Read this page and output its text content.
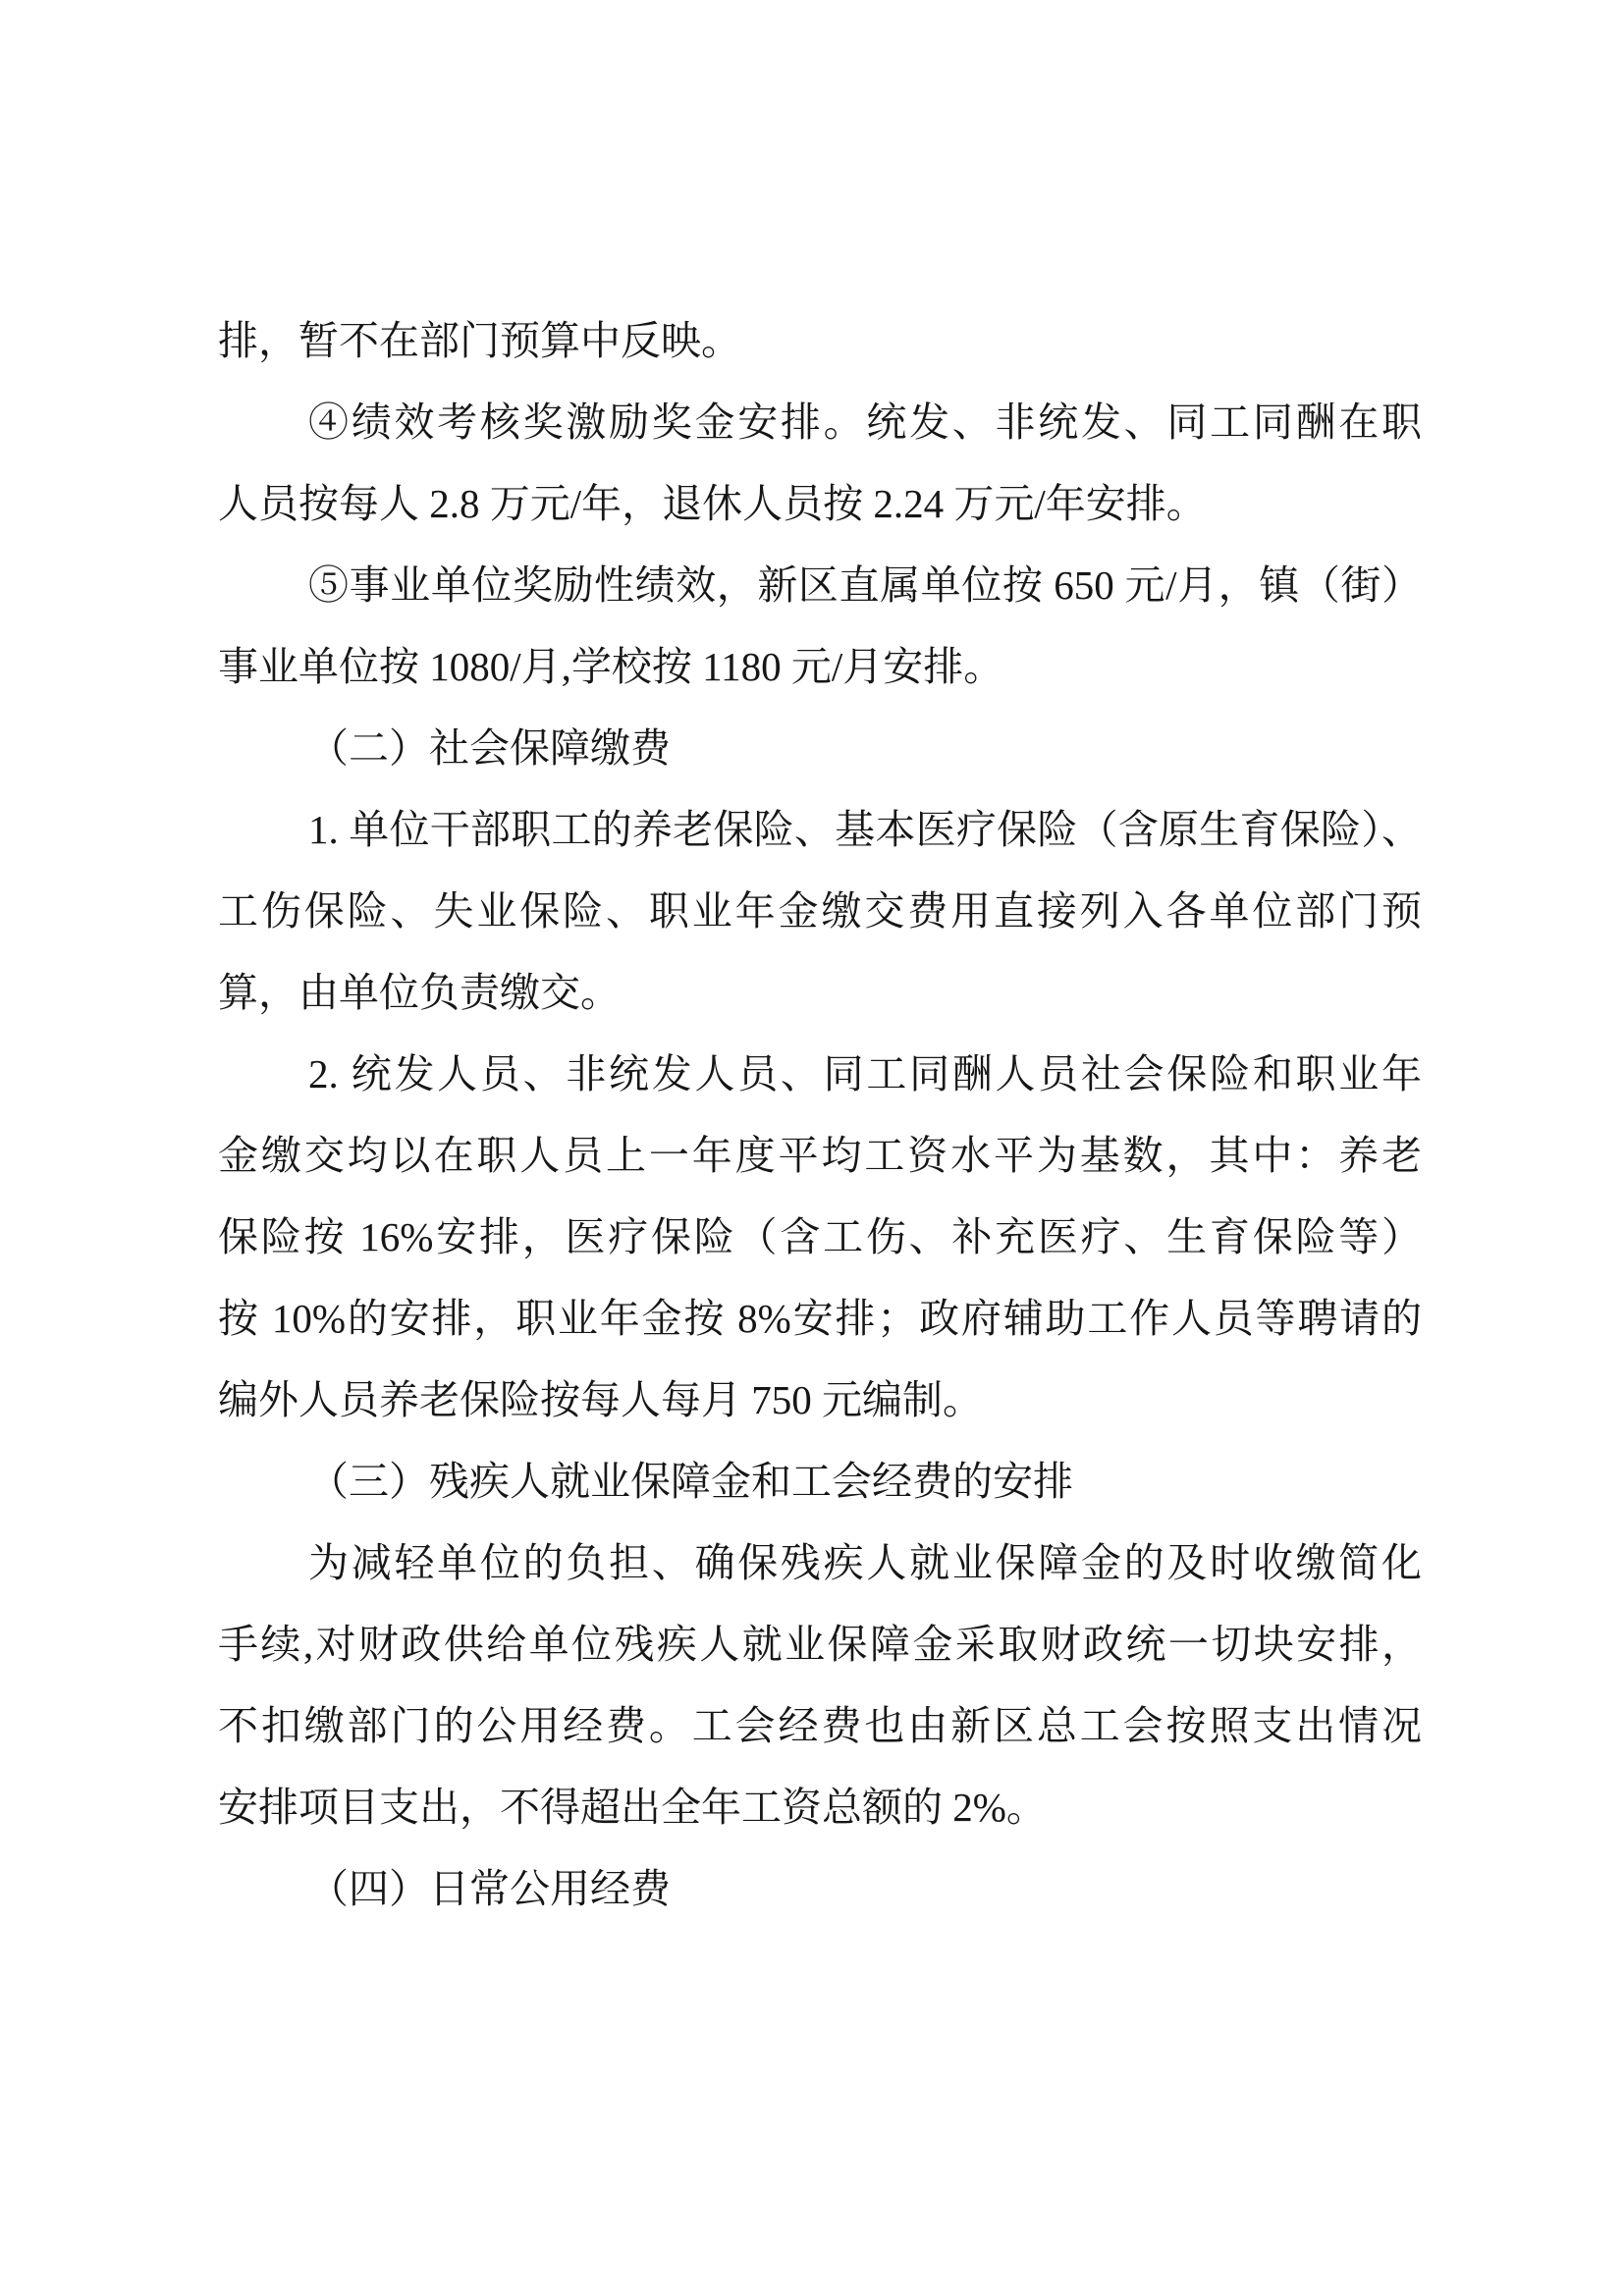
排，暂不在部门预算中反映。
④绩效考核奖激励奖金安排。统发、非统发、同工同酬在职
人员按每人 2.8 万元/年，退休人员按 2.24 万元/年安排。
⑤事业单位奖励性绩效，新区直属单位按 650 元/月，镇（街）
事业单位按 1080/月,学校按 1180 元/月安排。
（二）社会保障缴费
1. 单位干部职工的养老保险、基本医疗保险（含原生育保险）、
工伤保险、失业保险、职业年金缴交费用直接列入各单位部门预
算，由单位负责缴交。
2. 统发人员、非统发人员、同工同酬人员社会保险和职业年
金缴交均以在职人员上一年度平均工资水平为基数，其中：养老
保险按 16%安排，医疗保险（含工伤、补充医疗、生育保险等）
按 10%的安排，职业年金按 8%安排；政府辅助工作人员等聘请的
编外人员养老保险按每人每月 750 元编制。
（三）残疾人就业保障金和工会经费的安排
为减轻单位的负担、确保残疾人就业保障金的及时收缴简化
手续,对财政供给单位残疾人就业保障金采取财政统一切块安排，
不扣缴部门的公用经费。工会经费也由新区总工会按照支出情况
安排项目支出，不得超出全年工资总额的 2%。
（四）日常公用经费
